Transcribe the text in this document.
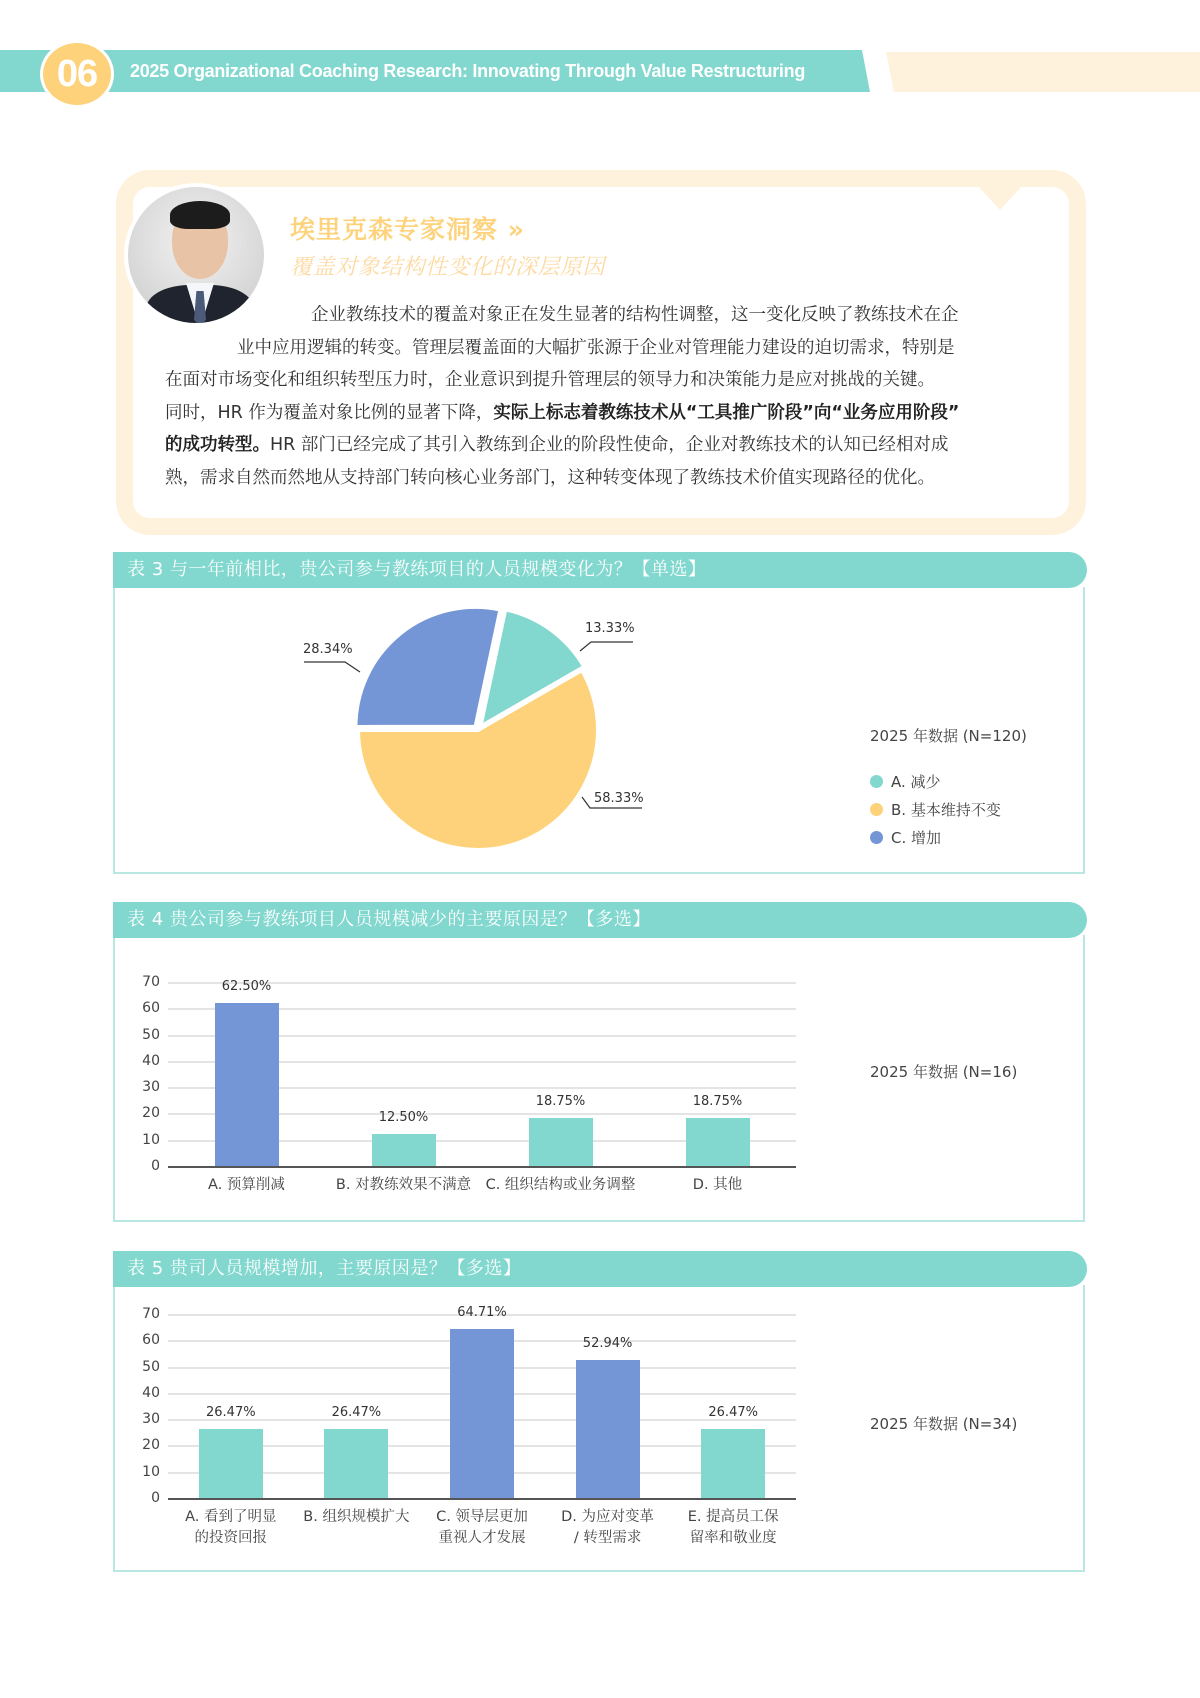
06	2025 Organizational Coaching Research: Innovating Through Value Restructuring
埃里克森专家洞察 »
覆盖对象结构性变化的深层原因
企业教练技术的覆盖对象正在发生显著的结构性调整，这一变化反映了教练技术在企
业中应用逻辑的转变。管理层覆盖面的大幅扩张源于企业对管理能力建设的迫切需求，特别是
在面对市场变化和组织转型压力时，企业意识到提升管理层的领导力和决策能力是应对挑战的关键。
同时，HR 作为覆盖对象比例的显著下降，实际上标志着教练技术从“工具推广阶段”向“业务应用阶段”
的成功转型。HR 部门已经完成了其引入教练到企业的阶段性使命，企业对教练技术的认知已经相对成
熟，需求自然而然地从支持部门转向核心业务部门，这种转变体现了教练技术价值实现路径的优化。
表 3 与一年前相比，贵公司参与教练项目的人员规模变化为？【单选】
28.34%
13.33%
58.33%
2025 年数据 (N=120)
A. 减少
B. 基本维持不变
C. 增加
表 4 贵公司参与教练项目人员规模减少的主要原因是？【多选】
0
10
20
30
40
50
60
70	62.50%
A. 预算削减
12.50%
B. 对教练效果不满意
18.75%
C. 组织结构或业务调整
18.75%
D. 其他
2025 年数据 (N=16)
表 5 贵司人员规模增加，主要原因是？【多选】
0
10
20
30
40
50
60
70
26.47%
A. 看到了明显
的投资回报
26.47%
B. 组织规模扩大

64.71%
C. 领导层更加
重视人才发展
52.94%
D. 为应对变革
/ 转型需求
26.47%
E. 提高员工保
留率和敬业度
2025 年数据 (N=34)
